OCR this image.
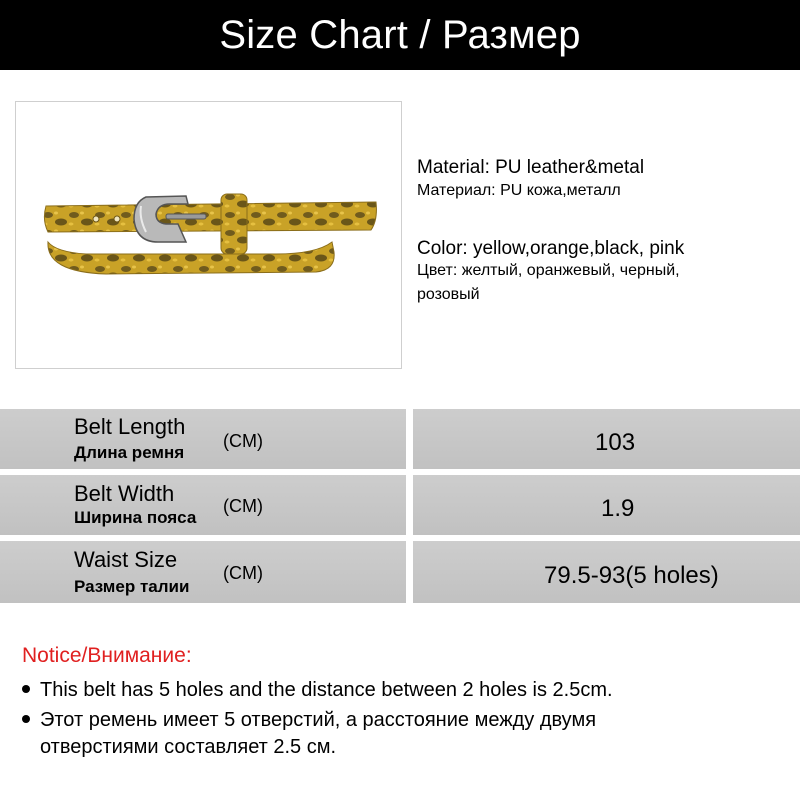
Size Chart / Размер
Material: PU leather&metal
Материал: PU кожа,металл
Color: yellow,orange,black, pink
Цвет: желтый, оранжевый, черный,
розовый
Belt Length
Длина ремня
(CM)	103
Belt Width
Ширина пояса
(CM)	1.9
Waist Size
Размер талии
(CM)	79.5-93(5 holes)
Notice/Внимание:
This belt has 5 holes and the distance between 2 holes is 2.5cm.
Этот ремень имеет 5 отверстий, а расстояние между двумя
отверстиями составляет 2.5 см.
